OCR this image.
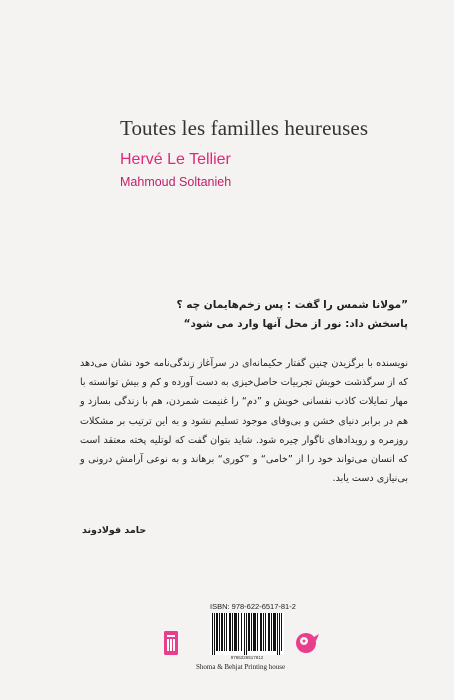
Toutes les familles heureuses
Hervé Le Tellier
Mahmoud Soltanieh
”مولانا شمس را گفت : پس زخم‌هایمان چه ؟
پاسخش داد: نور از محل آنها وارد می شود“
نویسنده با برگزیدن چنین گفتار حکیمانه‌ای در سرآغاز زندگی‌نامه خود نشان می‌دهد که از سرگذشت خویش تجربیات حاصل‌خیزی به دست آورده و کم و بیش توانسته با مهار تمایلات کاذب نفسانی خویش و ”دم“ را غنیمت شمردن، هم با زندگی بسازد و هم در برابر دنیای خشن و بی‌وفای موجود تسلیم نشود و به این ترتیب بر مشکلات روزمره و رویدادهای ناگوار چیره شود. شاید بتوان گفت که لوتلیه پخته معتقد است که انسان می‌تواند خود را از ”خامی“ و ”کوری“ برهاند و به نوعی آرامش درونی و بی‌نیازی دست یابد.
حامد فولادوند
ISBN: 978-622-6517-81-2
9786226517812
Shoma & Behjat Printing house
